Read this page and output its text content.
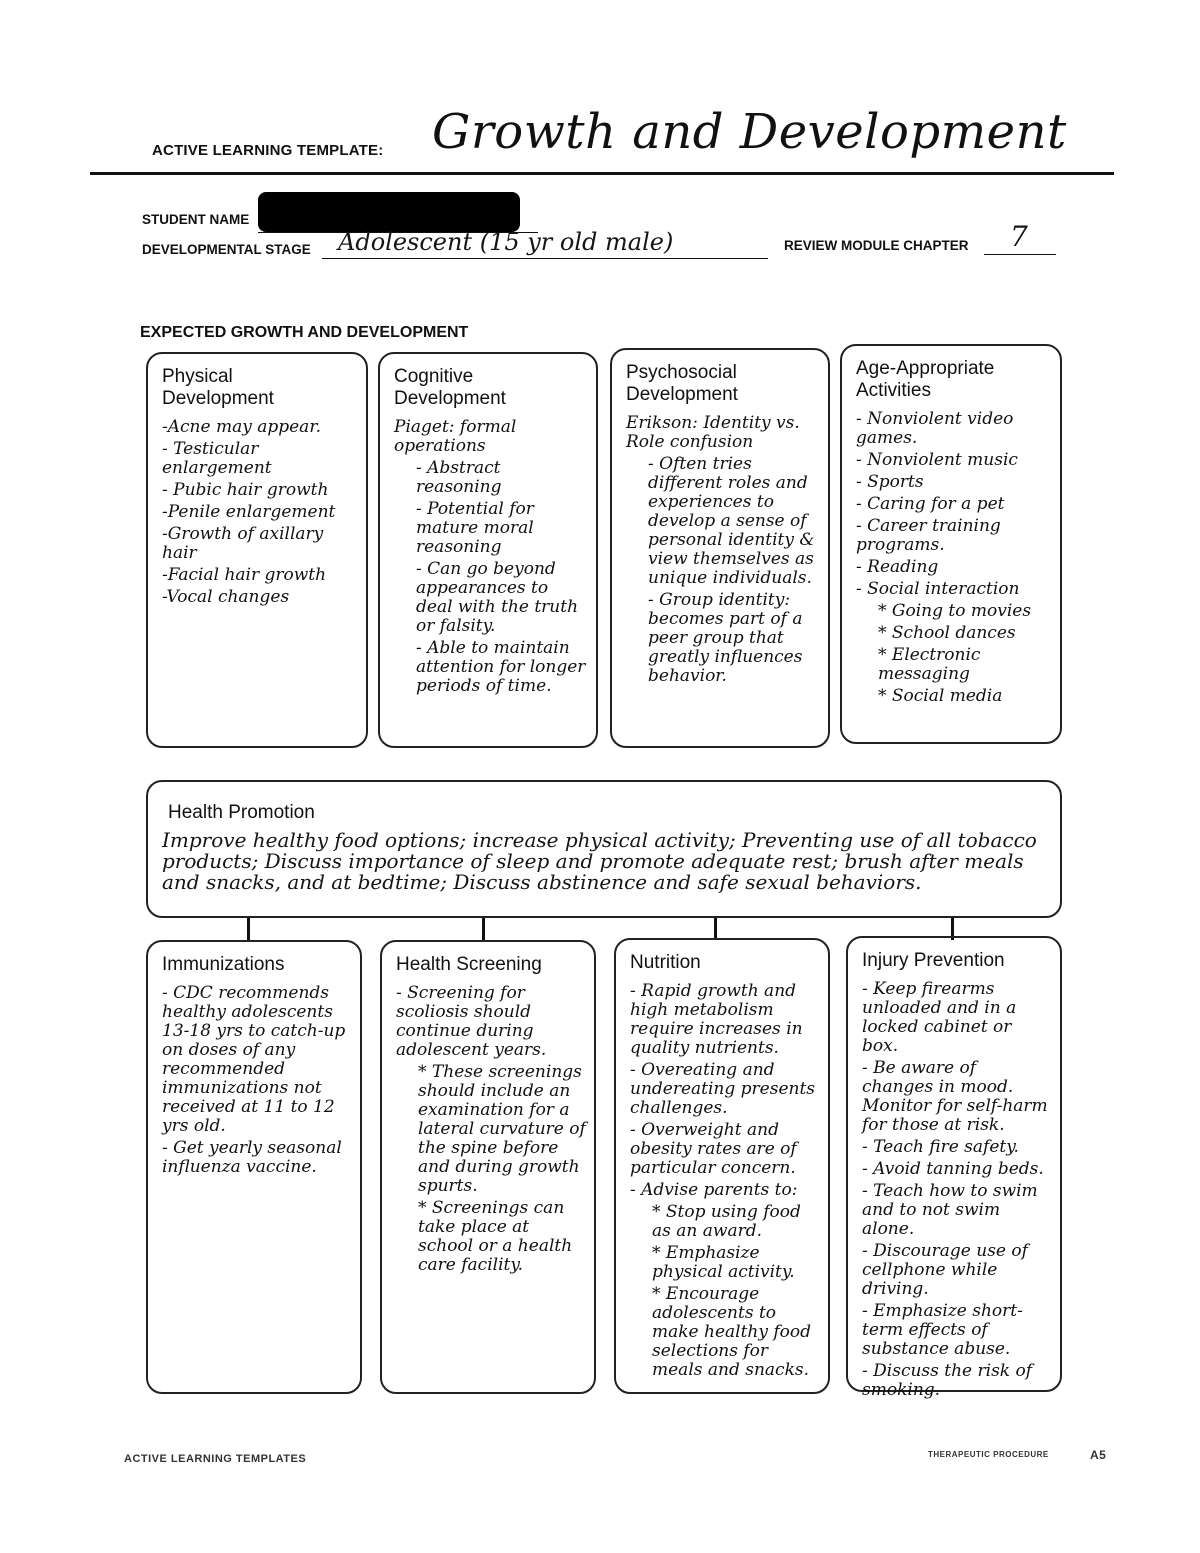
ACTIVE LEARNING TEMPLATE: Growth and Development
STUDENT NAME
DEVELOPMENTAL STAGE Adolescent (15 yr old male)	REVIEW MODULE CHAPTER 7
EXPECTED GROWTH AND DEVELOPMENT
Physical
Development
-Acne may appear.
- Testicular enlargement
- Pubic hair growth
-Penile enlargement
-Growth of axillary hair
-Facial hair growth
-Vocal changes
Cognitive
Development
Piaget: formal operations
- Abstract reasoning
- Potential for mature moral reasoning
- Can go beyond appearances to deal with the truth or falsity.
- Able to maintain attention for longer periods of time.
Psychosocial
Development
Erikson: Identity vs. Role confusion
- Often tries different roles and experiences to develop a sense of personal identity & view themselves as unique individuals.
- Group identity: becomes part of a peer group that greatly influences behavior.
Age-Appropriate
Activities
- Nonviolent video games.
- Nonviolent music
- Sports
- Caring for a pet
- Career training programs.
- Reading
- Social interaction
* Going to movies
* School dances
* Electronic messaging
* Social media
Health Promotion
Improve healthy food options; increase physical activity; Preventing use of all tobacco products; Discuss importance of sleep and promote adequate rest; brush after meals and snacks, and at bedtime; Discuss abstinence and safe sexual behaviors.
Immunizations
- CDC recommends healthy adolescents 13-18 yrs to catch-up on doses of any recommended immunizations not received at 11 to 12 yrs old.
- Get yearly seasonal influenza vaccine.
Health Screening
- Screening for scoliosis should continue during adolescent years.
* These screenings should include an examination for a lateral curvature of the spine before and during growth spurts.
* Screenings can take place at school or a health care facility.
Nutrition
- Rapid growth and high metabolism require increases in quality nutrients.
- Overeating and undereating presents challenges.
- Overweight and obesity rates are of particular concern.
- Advise parents to:
* Stop using food as an award.
* Emphasize physical activity.
* Encourage adolescents to make healthy food selections for meals and snacks.
Injury Prevention
- Keep firearms unloaded and in a locked cabinet or box.
- Be aware of changes in mood. Monitor for self-harm for those at risk.
- Teach fire safety.
- Avoid tanning beds.
- Teach how to swim and to not swim alone.
- Discourage use of cellphone while driving.
- Emphasize short-term effects of substance abuse.
- Discuss the risk of smoking.
ACTIVE LEARNING TEMPLATES	THERAPEUTIC PROCEDURE	A5
